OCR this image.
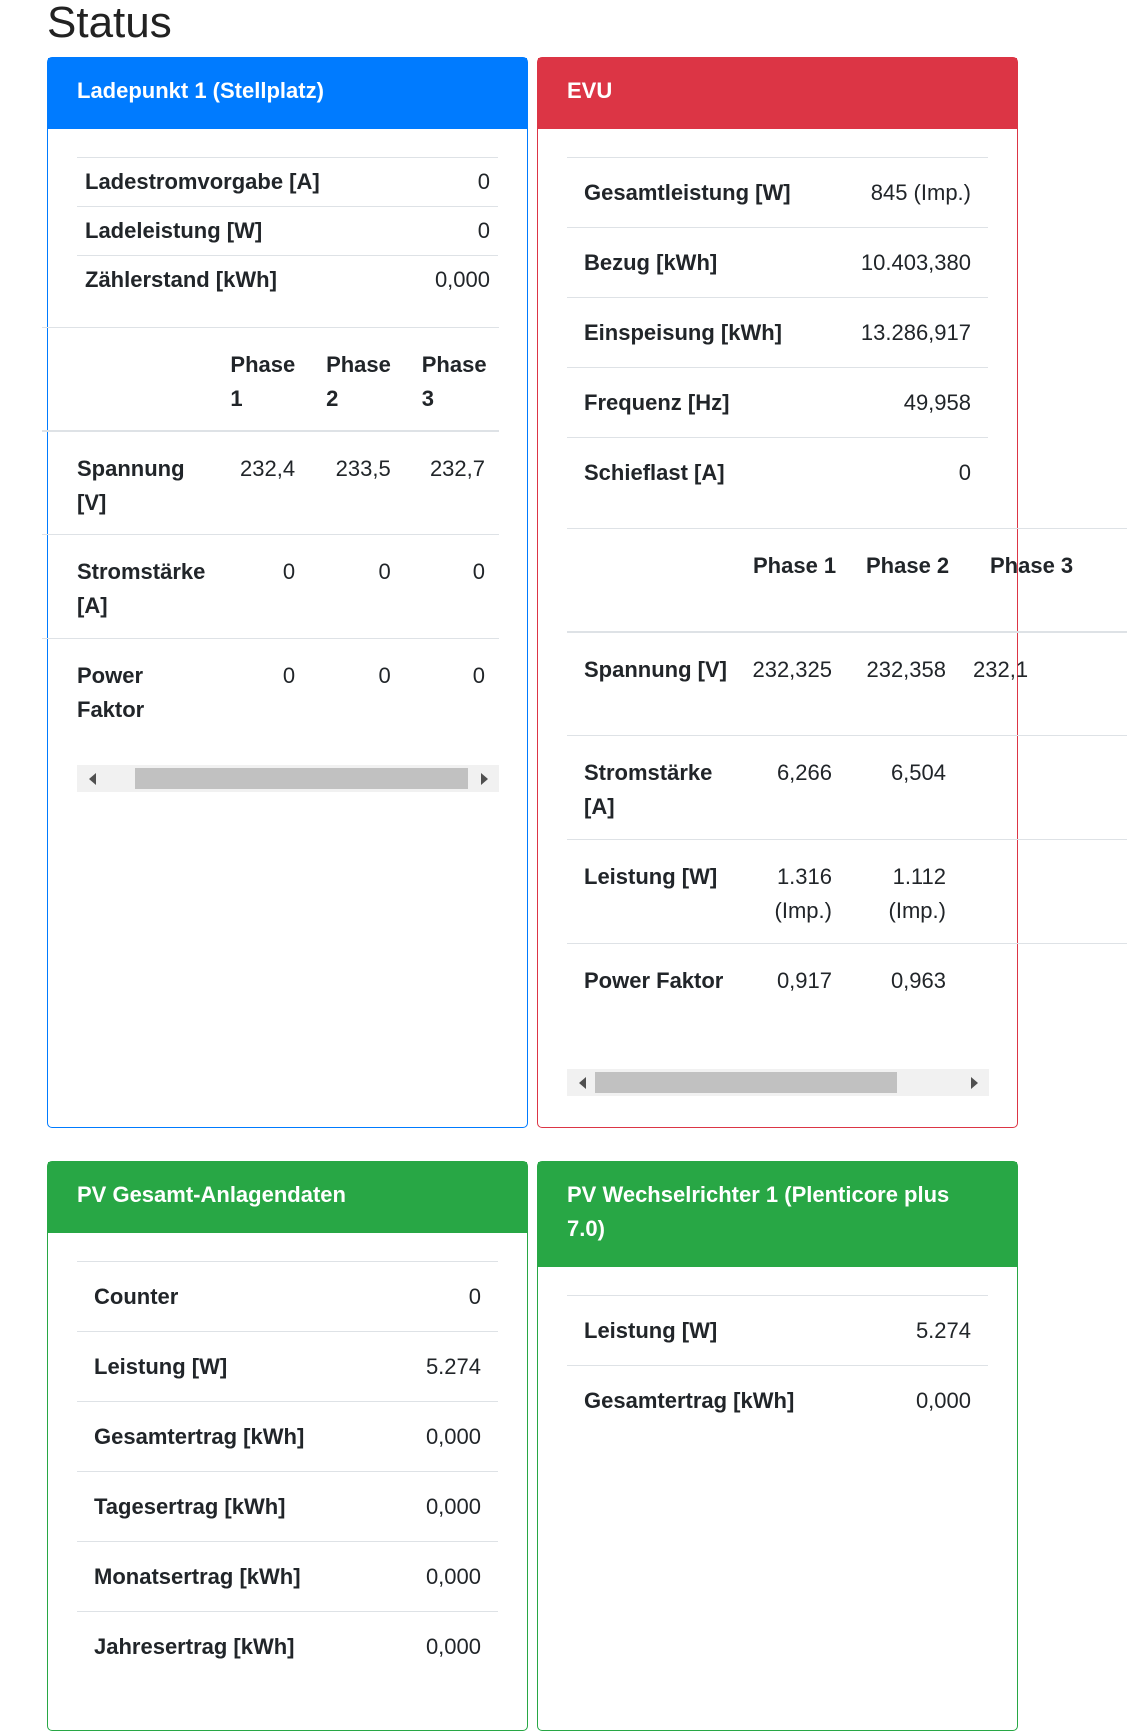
Status
Ladepunkt 1 (Stellplatz)
Ladestromvorgabe [A]	0
Ladeleistung [W]	0
Zählerstand [kWh]	0,000
	Phase 1	Phase 2	Phase 3
Spannung [V]	232,4	233,5	232,7
Stromstärke [A]	0	0	0
Power Faktor	0	0	0
EVU
Gesamtleistung [W]	845 (Imp.)
Bezug [kWh]	10.403,380
Einspeisung [kWh]	13.286,917
Frequenz [Hz]	49,958
Schieflast [A]	0
	Phase 1	Phase 2	Phase 3
Spannung [V]	232,325	232,358	232,1
Stromstärke [A]	6,266	6,504	
Leistung [W]	1.316 (Imp.)	1.112 (Imp.)	
Power Faktor	0,917	0,963	
PV Gesamt-Anlagendaten
Counter	0
Leistung [W]	5.274
Gesamtertrag [kWh]	0,000
Tagesertrag [kWh]	0,000
Monatsertrag [kWh]	0,000
Jahresertrag [kWh]	0,000
PV Wechselrichter 1 (Plenticore plus 7.0)
Leistung [W]	5.274
Gesamtertrag [kWh]	0,000
